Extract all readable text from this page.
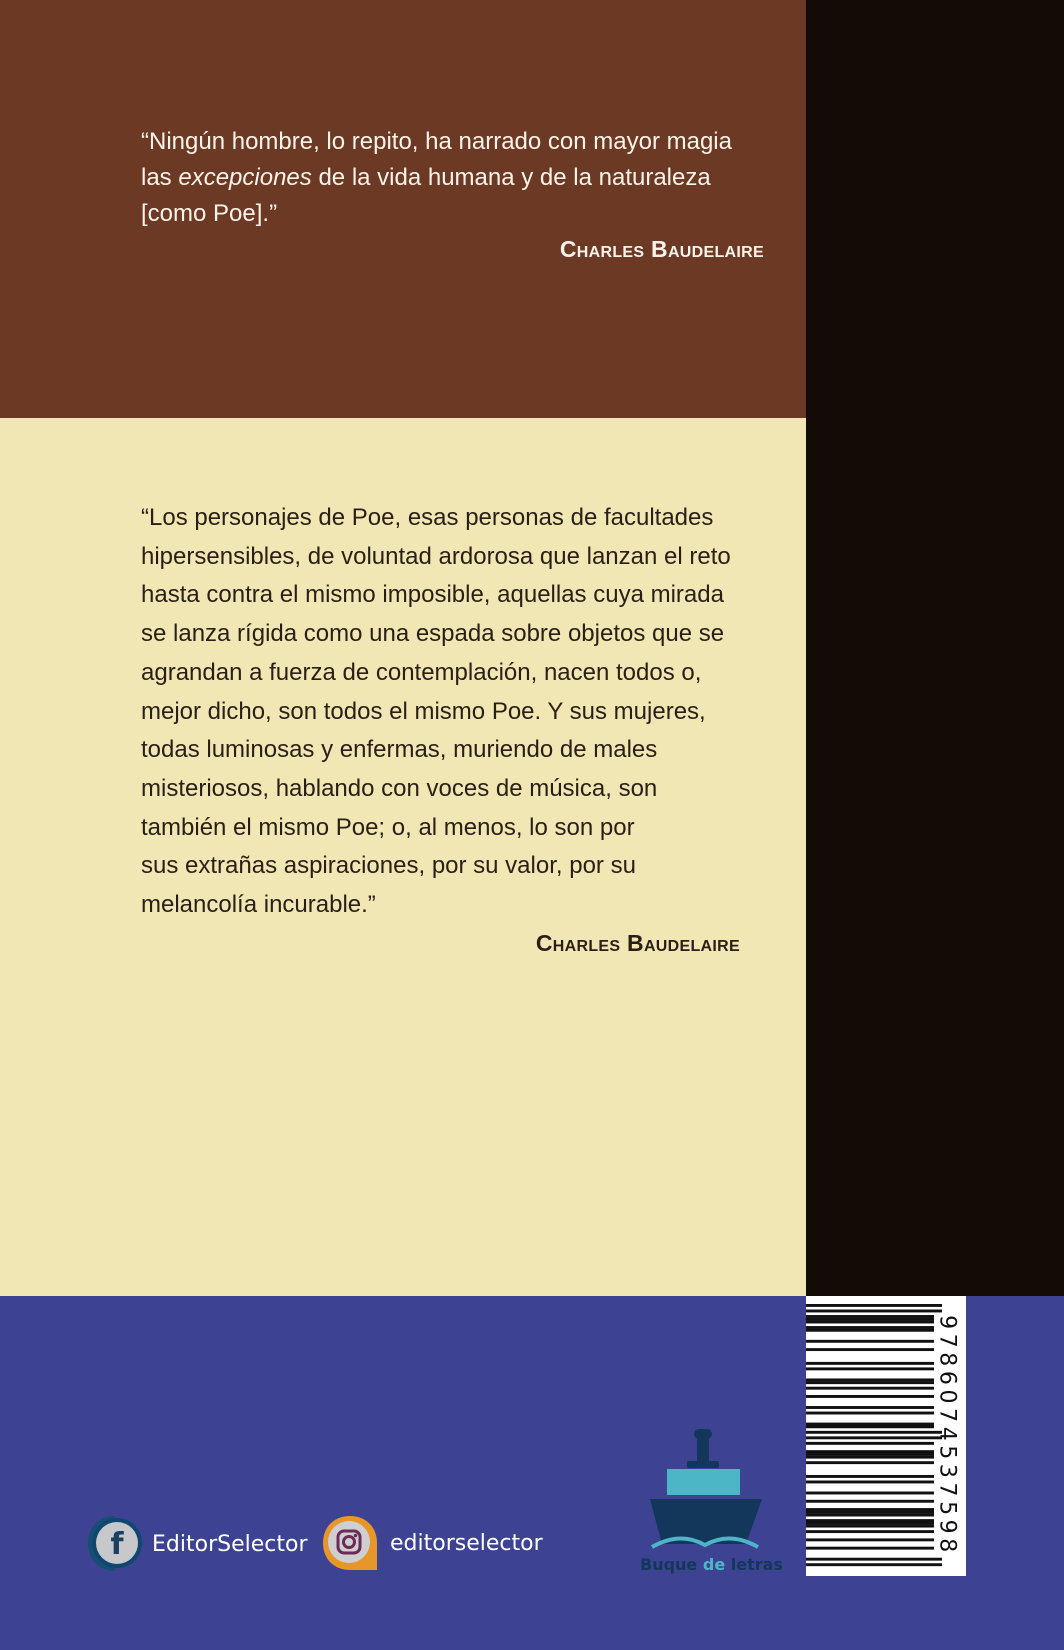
“Ningún hombre, lo repito, ha narrado con mayor magia
las excepciones de la vida humana y de la naturaleza
[como Poe].”

Charles Baudelaire

“Los personajes de Poe, esas personas de facultades
hipersensibles, de voluntad ardorosa que lanzan el reto
hasta contra el mismo imposible, aquellas cuya mirada
se lanza rígida como una espada sobre objetos que se
agrandan a fuerza de contemplación, nacen todos o,
mejor dicho, son todos el mismo Poe. Y sus mujeres,
todas luminosas y enfermas, muriendo de males
misteriosos, hablando con voces de música, son
también el mismo Poe; o, al menos, lo son por
sus extrañas aspiraciones, por su valor, por su
melancolía incurable.”

Charles Baudelaire

f EditorSelector	editorselector
Buque de letras
9786074537598
